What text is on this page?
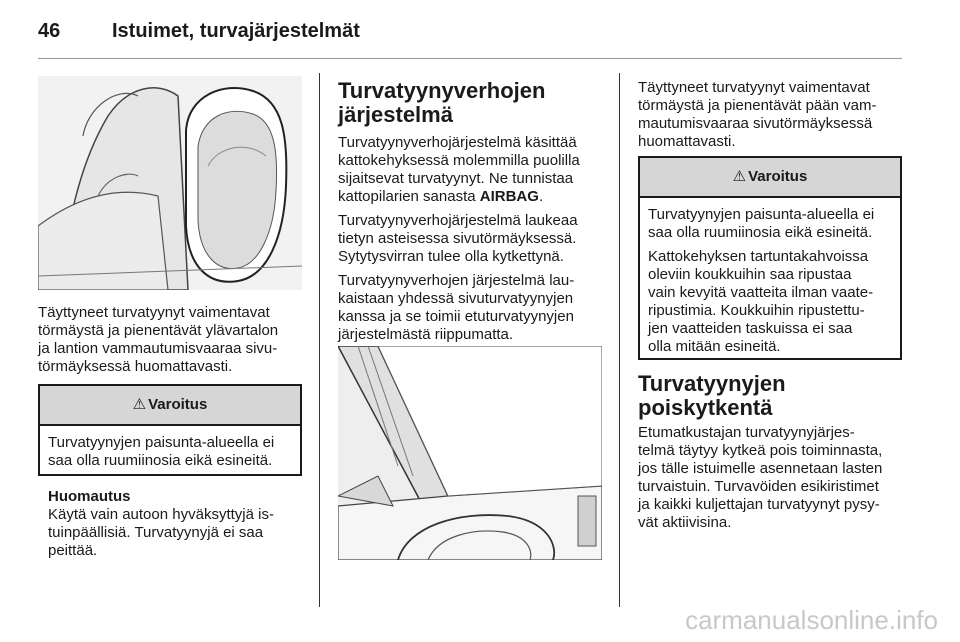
46	Istuimet, turvajärjestelmät
Täyttyneet turvatyynyt vaimentavat
törmäystä ja pienentävät ylävartalon
ja lantion vammautumisvaaraa sivu-
törmäyksessä huomattavasti.
⚠ Varoitus
Turvatyynyjen paisunta-alueella ei
saa olla ruumiinosia eikä esineitä.
Huomautus
Käytä vain autoon hyväksyttyjä is-
tuinpäällisiä. Turvatyynyjä ei saa
peittää.
Turvatyynyverhojen
järjestelmä

Turvatyynyverhojärjestelmä käsittää
kattokehyksessä molemmilla puolilla
sijaitsevat turvatyynyt. Ne tunnistaa
kattopilarien sanasta AIRBAG.

Turvatyynyverhojärjestelmä laukeaa
tietyn asteisessa sivutörmäyksessä.
Sytytysvirran tulee olla kytkettynä.

Turvatyynyverhojen järjestelmä lau-
kaistaan yhdessä sivuturvatyynyjen
kanssa ja se toimii etuturvatyynyjen
järjestelmästä riippumatta.

Täyttyneet turvatyynyt vaimentavat
törmäystä ja pienentävät pään vam-
mautumisvaaraa sivutörmäyksessä
huomattavasti.
⚠ Varoitus

Turvatyynyjen paisunta-alueella ei
saa olla ruumiinosia eikä esineitä.

Kattokehyksen tartuntakahvoissa
oleviin koukkuihin saa ripustaa
vain kevyitä vaatteita ilman vaate-
ripustimia. Koukkuihin ripustettu-
jen vaatteiden taskuissa ei saa
olla mitään esineitä.

Turvatyynyjen
poiskytkentä
Etumatkustajan turvatyynyjärjes-
telmä täytyy kytkeä pois toiminnasta,
jos tälle istuimelle asennetaan lasten
turvaistuin. Turvavöiden esikiristimet
ja kaikki kuljettajan turvatyynyt pysy-
vät aktiivisina.
carmanualsonline.info
